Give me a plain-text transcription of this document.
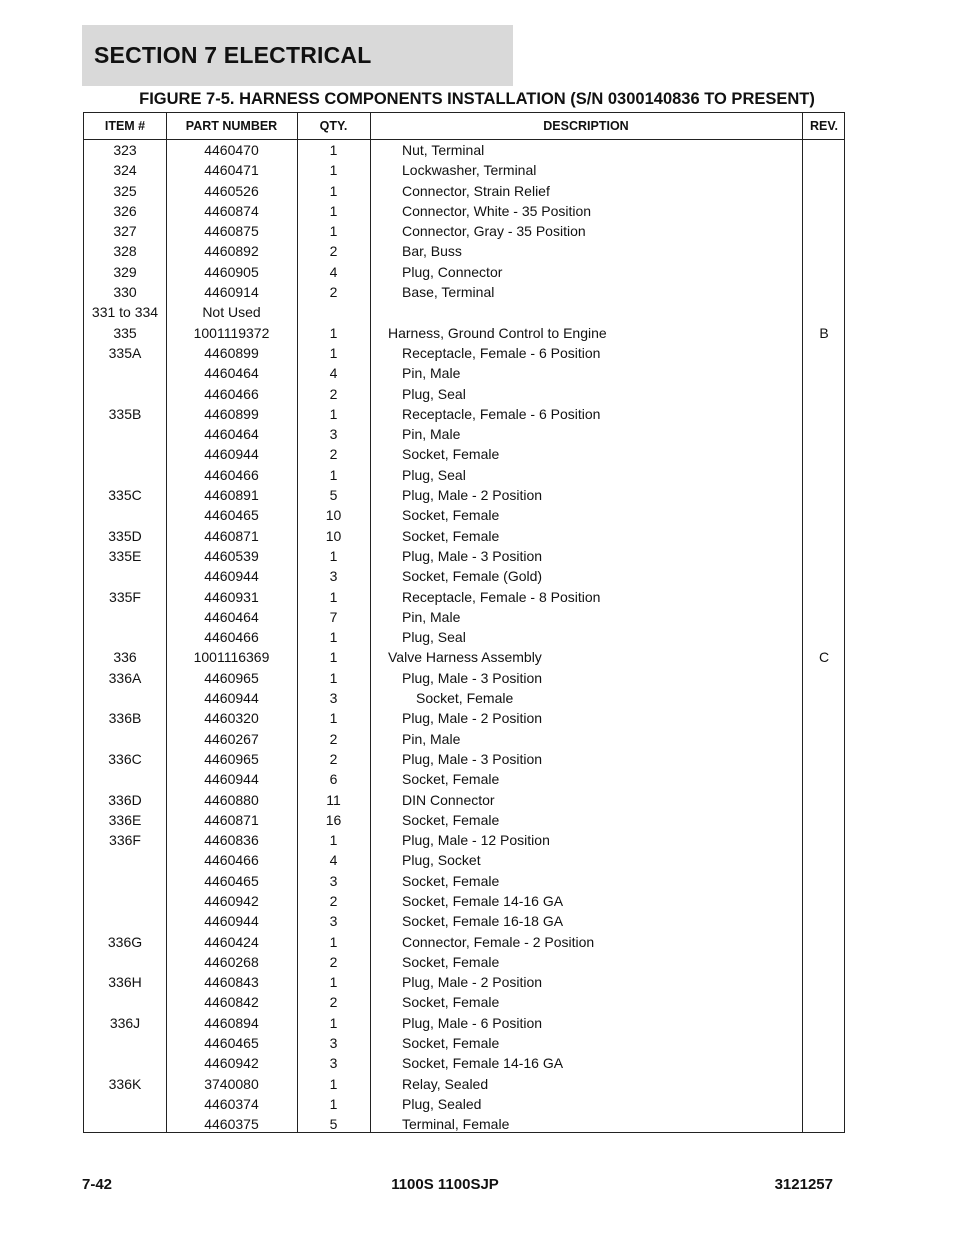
SECTION 7 ELECTRICAL
FIGURE 7-5. HARNESS COMPONENTS INSTALLATION (S/N 0300140836 TO PRESENT)
ITEM #	PART NUMBER	QTY.	DESCRIPTION	REV.
323	4460470	1	Nut, Terminal
324	4460471	1	Lockwasher, Terminal
325	4460526	1	Connector, Strain Relief
326	4460874	1	Connector, White - 35 Position
327	4460875	1	Connector, Gray - 35 Position
328	4460892	2	Bar, Buss
329	4460905	4	Plug, Connector
330	4460914	2	Base, Terminal
331 to 334	Not Used
335	1001119372	1	Harness, Ground Control to Engine	B
335A	4460899	1	Receptacle, Female - 6 Position
4460464	4	Pin, Male
4460466	2	Plug, Seal
335B	4460899	1	Receptacle, Female - 6 Position
4460464	3	Pin, Male
4460944	2	Socket, Female
4460466	1	Plug, Seal
335C	4460891	5	Plug, Male - 2 Position
4460465	10	Socket, Female
335D	4460871	10	Socket, Female
335E	4460539	1	Plug, Male - 3 Position
4460944	3	Socket, Female (Gold)
335F	4460931	1	Receptacle, Female - 8 Position
4460464	7	Pin, Male
4460466	1	Plug, Seal
336	1001116369	1	Valve Harness Assembly	C
336A	4460965	1	Plug, Male - 3 Position
4460944	3	Socket, Female
336B	4460320	1	Plug, Male - 2 Position
4460267	2	Pin, Male
336C	4460965	2	Plug, Male - 3 Position
4460944	6	Socket, Female
336D	4460880	11	DIN Connector
336E	4460871	16	Socket, Female
336F	4460836	1	Plug, Male - 12 Position
4460466	4	Plug, Socket
4460465	3	Socket, Female
4460942	2	Socket, Female 14-16 GA
4460944	3	Socket, Female 16-18 GA
336G	4460424	1	Connector, Female - 2 Position
4460268	2	Socket, Female
336H	4460843	1	Plug, Male - 2 Position
4460842	2	Socket, Female
336J	4460894	1	Plug, Male - 6 Position
4460465	3	Socket, Female
4460942	3	Socket, Female 14-16 GA
336K	3740080	1	Relay, Sealed
4460374	1	Plug, Sealed
4460375	5	Terminal, Female
7-42	1100S 1100SJP	3121257
